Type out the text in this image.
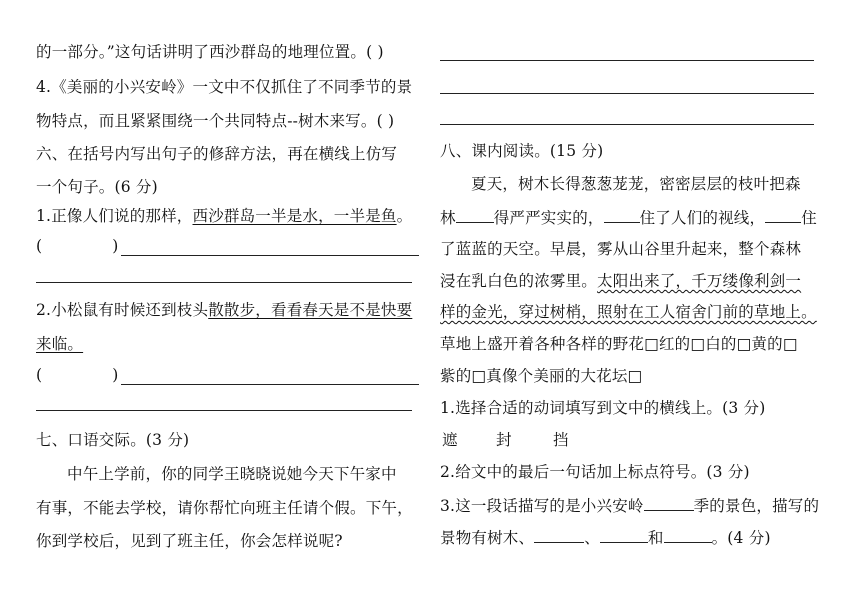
的一部分。”这句话讲明了西沙群岛的地理位置。( )
4.《美丽的小兴安岭》一文中不仅抓住了不同季节的景
物特点，而且紧紧围绕一个共同特点--树木来写。( )
六、在括号内写出句子的修辞方法，再在横线上仿写
一个句子。(6 分)
1.正像人们说的那样，西沙群岛一半是水，一半是鱼。
(	)
2.小松鼠有时候还到枝头散散步，看看春天是不是快要
来临。
(	)
七、口语交际。(3 分)
中午上学前，你的同学王晓晓说她今天下午家中
有事，不能去学校，请你帮忙向班主任请个假。下午，
你到学校后，见到了班主任，你会怎样说呢?
八、课内阅读。(15 分)
夏天，树木长得葱葱茏茏，密密层层的枝叶把森
林 得严严实实的， 住了人们的视线， 住
了蓝蓝的天空。早晨，雾从山谷里升起来，整个森林
浸在乳白色的浓雾里。太阳出来了，千万缕像利剑一
样的金光，穿过树梢，照射在工人宿舍门前的草地上。
草地上盛开着各种各样的野花□红的□白的□黄的□
紫的□真像个美丽的大花坛□
1.选择合适的动词填写到文中的横线上。(3 分)
遮 封	挡
2.给文中的最后一句话加上标点符号。(3 分)
3.这一段话描写的是小兴安岭	季的景色，描写的
景物有树木、	、	和	。(4 分)
